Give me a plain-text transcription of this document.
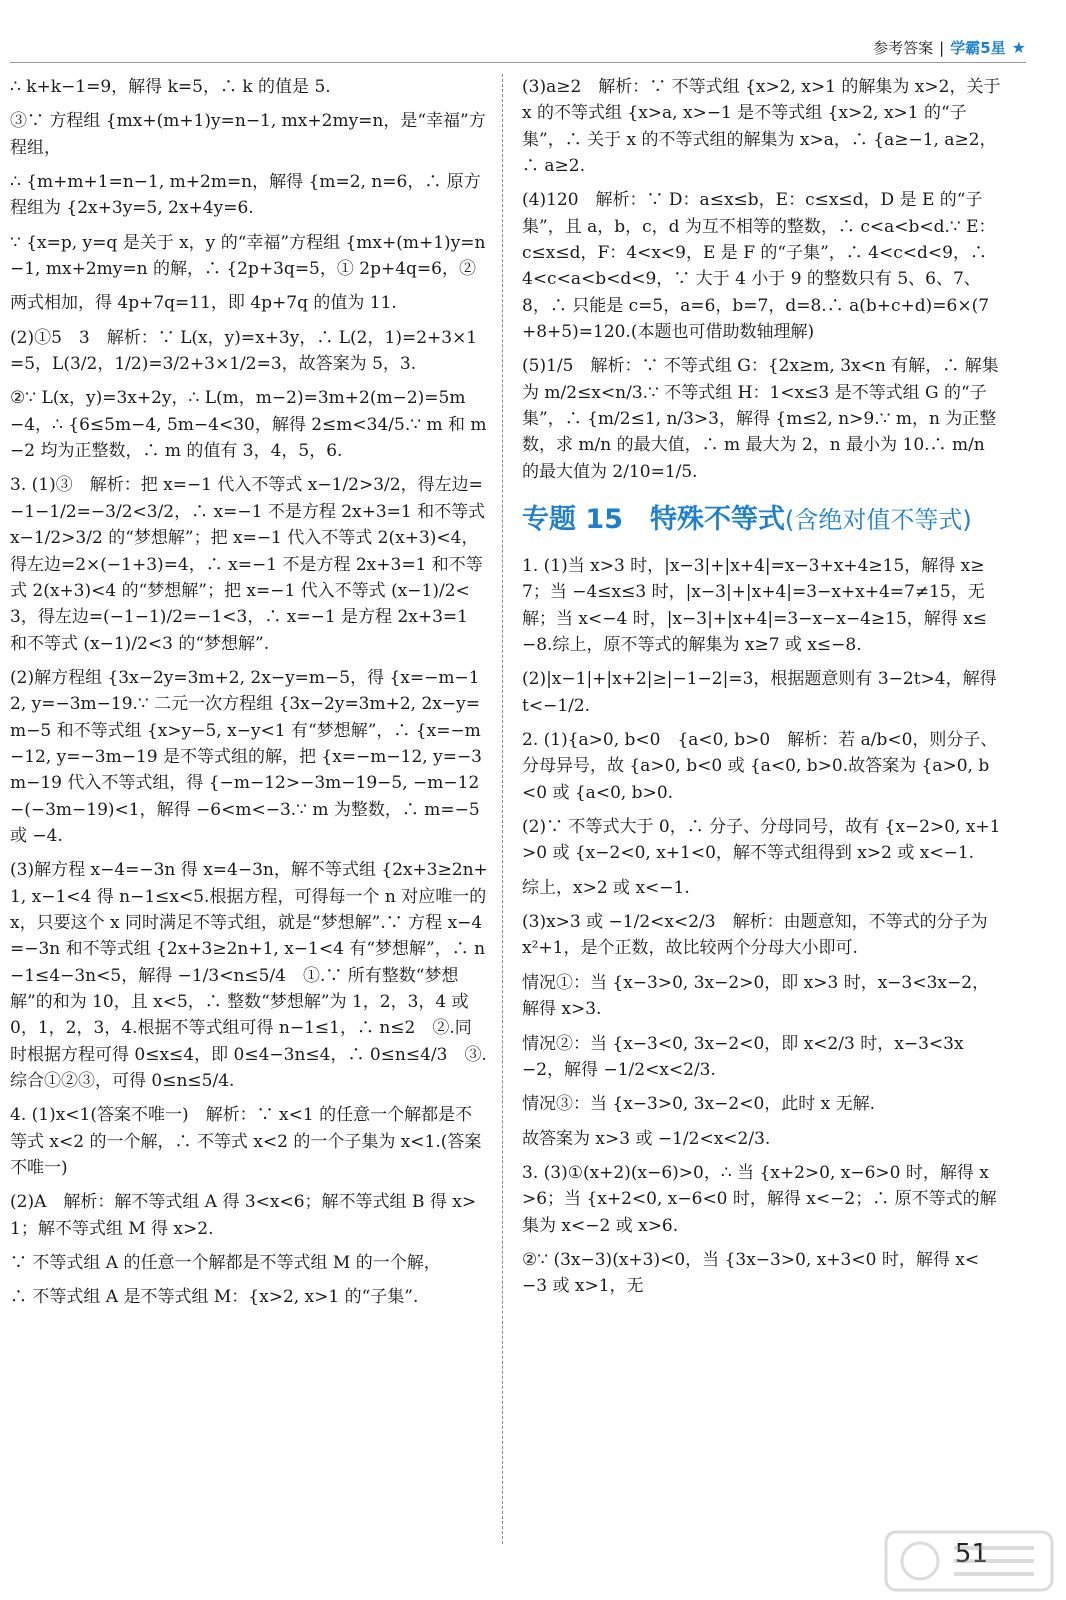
参考答案 | 学霸5星 ★

∴ k+k−1=9，解得 k=5，∴ k 的值是 5.

③∵ 方程组 {mx+(m+1)y=n−1, mx+2my=n，是“幸福”方程组，

∴ {m+m+1=n−1, m+2m=n，解得 {m=2, n=6，∴ 原方程组为 {2x+3y=5, 2x+4y=6.

∵ {x=p, y=q 是关于 x，y 的“幸福”方程组 {mx+(m+1)y=n−1, mx+2my=n 的解，∴ {2p+3q=5，① 2p+4q=6，②

两式相加，得 4p+7q=11，即 4p+7q 的值为 11.

(2)①5　3　解析：∵ L(x，y)=x+3y，∴ L(2，1)=2+3×1=5，L(3/2，1/2)=3/2+3×1/2=3，故答案为 5，3.

②∵ L(x，y)=3x+2y，∴ L(m，m−2)=3m+2(m−2)=5m−4，∴ {6≤5m−4, 5m−4<30，解得 2≤m<34/5.∵ m 和 m−2 均为正整数，∴ m 的值有 3，4，5，6.

3. (1)③　解析：把 x=−1 代入不等式 x−1/2>3/2，得左边=−1−1/2=−3/2<3/2，∴ x=−1 不是方程 2x+3=1 和不等式 x−1/2>3/2 的“梦想解”；把 x=−1 代入不等式 2(x+3)<4，得左边=2×(−1+3)=4，∴ x=−1 不是方程 2x+3=1 和不等式 2(x+3)<4 的“梦想解”；把 x=−1 代入不等式 (x−1)/2<3，得左边=(−1−1)/2=−1<3，∴ x=−1 是方程 2x+3=1 和不等式 (x−1)/2<3 的“梦想解”.

(2)解方程组 {3x−2y=3m+2, 2x−y=m−5，得 {x=−m−12, y=−3m−19.∵ 二元一次方程组 {3x−2y=3m+2, 2x−y=m−5 和不等式组 {x>y−5, x−y<1 有“梦想解”，∴ {x=−m−12, y=−3m−19 是不等式组的解，把 {x=−m−12, y=−3m−19 代入不等式组，得 {−m−12>−3m−19−5, −m−12−(−3m−19)<1，解得 −6<m<−3.∵ m 为整数，∴ m=−5 或 −4.

(3)解方程 x−4=−3n 得 x=4−3n，解不等式组 {2x+3≥2n+1, x−1<4 得 n−1≤x<5.根据方程，可得每一个 n 对应唯一的 x，只要这个 x 同时满足不等式组，就是“梦想解”.∵ 方程 x−4=−3n 和不等式组 {2x+3≥2n+1, x−1<4 有“梦想解”，∴ n−1≤4−3n<5，解得 −1/3<n≤5/4　①.∵ 所有整数“梦想解”的和为 10，且 x<5，∴ 整数“梦想解”为 1，2，3，4 或 0，1，2，3，4.根据不等式组可得 n−1≤1，∴ n≤2　②.同时根据方程可得 0≤x≤4，即 0≤4−3n≤4，∴ 0≤n≤4/3　③.综合①②③，可得 0≤n≤5/4.

4. (1)x<1(答案不唯一)　解析：∵ x<1 的任意一个解都是不等式 x<2 的一个解，∴ 不等式 x<2 的一个子集为 x<1.(答案不唯一)

(2)A　解析：解不等式组 A 得 3<x<6；解不等式组 B 得 x>1；解不等式组 M 得 x>2.

∵ 不等式组 A 的任意一个解都是不等式组 M 的一个解，

∴ 不等式组 A 是不等式组 M：{x>2, x>1 的“子集”.

(3)a≥2　解析：∵ 不等式组 {x>2, x>1 的解集为 x>2，关于 x 的不等式组 {x>a, x>−1 是不等式组 {x>2, x>1 的“子集”，∴ 关于 x 的不等式组的解集为 x>a，∴ {a≥−1, a≥2，∴ a≥2.

(4)120　解析：∵ D：a≤x≤b，E：c≤x≤d，D 是 E 的“子集”，且 a，b，c，d 为互不相等的整数，∴ c<a<b<d.∵ E：c≤x≤d，F：4<x<9，E 是 F 的“子集”，∴ 4<c<d<9，∴ 4<c<a<b<d<9，∵ 大于 4 小于 9 的整数只有 5、6、7、8，∴ 只能是 c=5，a=6，b=7，d=8.∴ a(b+c+d)=6×(7+8+5)=120.(本题也可借助数轴理解)

(5)1/5　解析：∵ 不等式组 G：{2x≥m, 3x<n 有解，∴ 解集为 m/2≤x<n/3.∵ 不等式组 H：1<x≤3 是不等式组 G 的“子集”，∴ {m/2≤1, n/3>3，解得 {m≤2, n>9.∵ m，n 为正整数，求 m/n 的最大值，∴ m 最大为 2，n 最小为 10.∴ m/n 的最大值为 2/10=1/5.

专题 15　特殊不等式(含绝对值不等式)

1. (1)当 x>3 时，|x−3|+|x+4|=x−3+x+4≥15，解得 x≥7；当 −4≤x≤3 时，|x−3|+|x+4|=3−x+x+4=7≠15，无解；当 x<−4 时，|x−3|+|x+4|=3−x−x−4≥15，解得 x≤−8.综上，原不等式的解集为 x≥7 或 x≤−8.

(2)|x−1|+|x+2|≥|−1−2|=3，根据题意则有 3−2t>4，解得 t<−1/2.

2. (1){a>0, b<0　{a<0, b>0　解析：若 a/b<0，则分子、分母异号，故 {a>0, b<0 或 {a<0, b>0.故答案为 {a>0, b<0 或 {a<0, b>0.

(2)∵ 不等式大于 0，∴ 分子、分母同号，故有 {x−2>0, x+1>0 或 {x−2<0, x+1<0，解不等式组得到 x>2 或 x<−1.

综上，x>2 或 x<−1.

(3)x>3 或 −1/2<x<2/3　解析：由题意知，不等式的分子为 x²+1，是个正数，故比较两个分母大小即可.

情况①：当 {x−3>0, 3x−2>0，即 x>3 时，x−3<3x−2，解得 x>3.

情况②：当 {x−3<0, 3x−2<0，即 x<2/3 时，x−3<3x−2，解得 −1/2<x<2/3.

情况③：当 {x−3>0, 3x−2<0，此时 x 无解.

故答案为 x>3 或 −1/2<x<2/3.

3. (3)①(x+2)(x−6)>0，∴ 当 {x+2>0, x−6>0 时，解得 x>6；当 {x+2<0, x−6<0 时，解得 x<−2；∴ 原不等式的解集为 x<−2 或 x>6.

②∵ (3x−3)(x+3)<0，当 {3x−3>0, x+3<0 时，解得 x<−3 或 x>1，无

51
